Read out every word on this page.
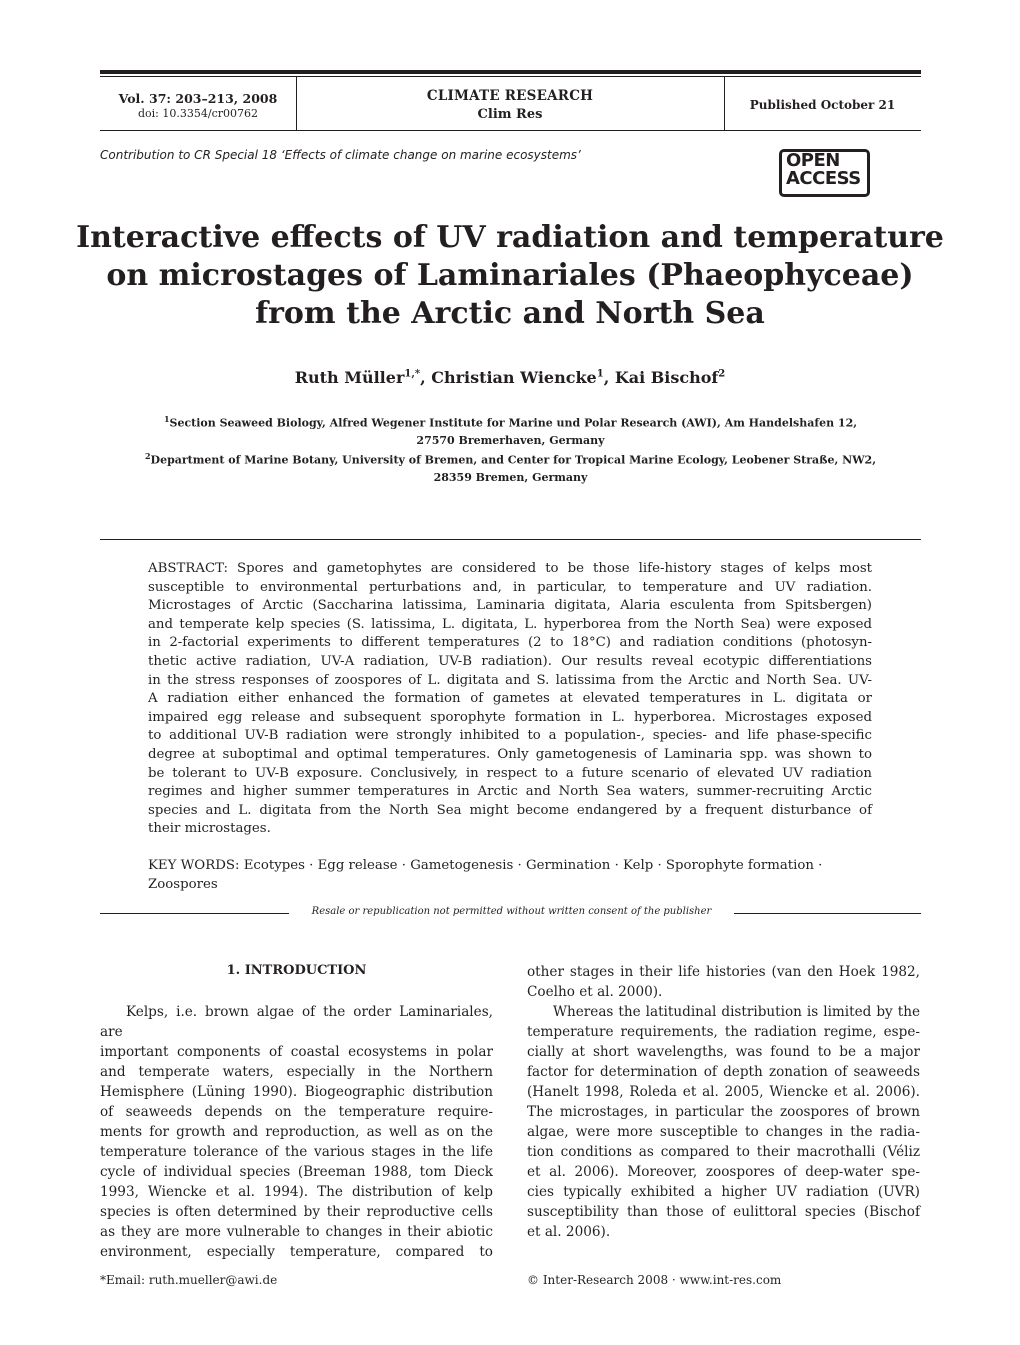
Vol. 37: 203–213, 2008
doi: 10.3354/cr00762
CLIMATE RESEARCH
Clim Res
Published October 21
Contribution to CR Special 18 ‘Effects of climate change on marine ecosystems’	OPEN
ACCESS
Interactive effects of UV radiation and temperature
on microstages of Laminariales (Phaeophyceae)
from the Arctic and North Sea
Ruth Müller$^{1,*}$, Christian Wiencke$^1$, Kai Bischof$^2$
$^1$Section Seaweed Biology, Alfred Wegener Institute for Marine und Polar Research (AWI), Am Handelshafen 12,
27570 Bremerhaven, Germany
$^2$Department of Marine Botany, University of Bremen, and Center for Tropical Marine Ecology, Leobener Straße, NW2,
28359 Bremen, Germany
ABSTRACT: Spores and gametophytes are considered to be those life-history stages of kelps most
susceptible to environmental perturbations and, in particular, to temperature and UV radiation.
Microstages of Arctic (Saccharina latissima, Laminaria digitata, Alaria esculenta from Spitsbergen)
and temperate kelp species (S. latissima, L. digitata, L. hyperborea from the North Sea) were exposed
in 2-factorial experiments to different temperatures (2 to 18°C) and radiation conditions (photosyn-
thetic active radiation, UV-A radiation, UV-B radiation). Our results reveal ecotypic differentiations
in the stress responses of zoospores of L. digitata and S. latissima from the Arctic and North Sea. UV-
A radiation either enhanced the formation of gametes at elevated temperatures in L. digitata or
impaired egg release and subsequent sporophyte formation in L. hyperborea. Microstages exposed
to additional UV-B radiation were strongly inhibited to a population-, species- and life phase-specific
degree at suboptimal and optimal temperatures. Only gametogenesis of Laminaria spp. was shown to
be tolerant to UV-B exposure. Conclusively, in respect to a future scenario of elevated UV radiation
regimes and higher summer temperatures in Arctic and North Sea waters, summer-recruiting Arctic
species and L. digitata from the North Sea might become endangered by a frequent disturbance of
their microstages.
KEY WORDS: Ecotypes · Egg release · Gametogenesis · Germination · Kelp · Sporophyte formation ·
Zoospores
Resale or republication not permitted without written consent of the publisher
1. INTRODUCTION
Kelps, i.e. brown algae of the order Laminariales, are
important components of coastal ecosystems in polar
and temperate waters, especially in the Northern
Hemisphere (Lüning 1990). Biogeographic distribution
of seaweeds depends on the temperature require-
ments for growth and reproduction, as well as on the
temperature tolerance of the various stages in the life
cycle of individual species (Breeman 1988, tom Dieck
1993, Wiencke et al. 1994). The distribution of kelp
species is often determined by their reproductive cells
as they are more vulnerable to changes in their abiotic
environment, especially temperature, compared to
other stages in their life histories (van den Hoek 1982,
Coelho et al. 2000).
Whereas the latitudinal distribution is limited by the
temperature requirements, the radiation regime, espe-
cially at short wavelengths, was found to be a major
factor for determination of depth zonation of seaweeds
(Hanelt 1998, Roleda et al. 2005, Wiencke et al. 2006).
The microstages, in particular the zoospores of brown
algae, were more susceptible to changes in the radia-
tion conditions as compared to their macrothalli (Véliz
et al. 2006). Moreover, zoospores of deep-water spe-
cies typically exhibited a higher UV radiation (UVR)
susceptibility than those of eulittoral species (Bischof
et al. 2006).
*Email: ruth.mueller@awi.de	© Inter-Research 2008 · www.int-res.com
